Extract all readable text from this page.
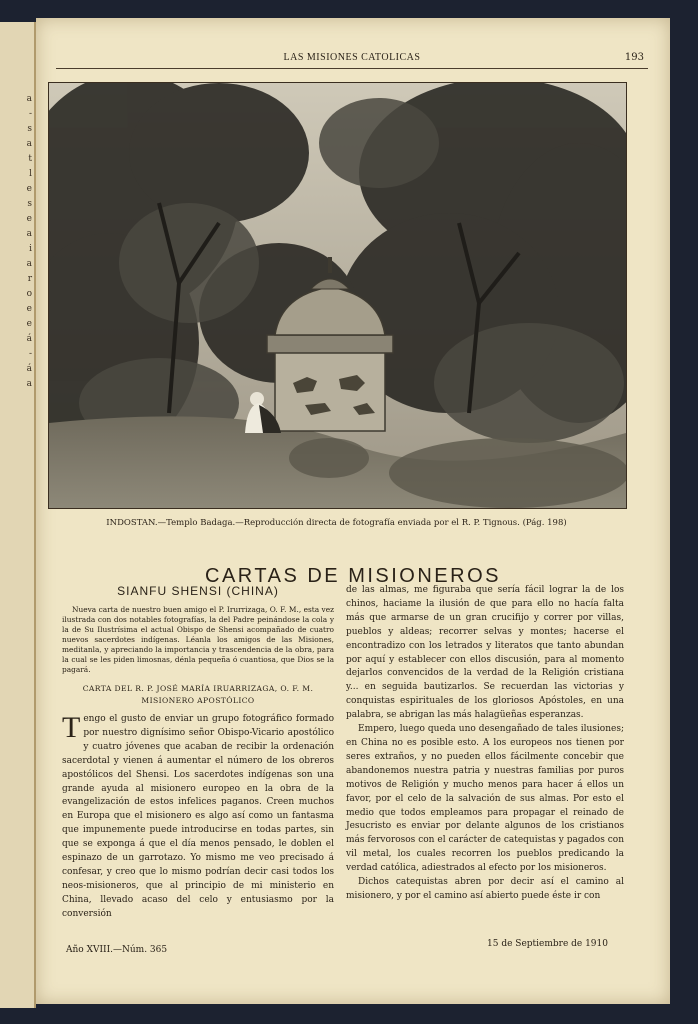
a
-
s
a
t
l
e
s
e
a
i
a
r
o
e
e
á
-
á
a
LAS MISIONES CATOLICAS	193
INDOSTAN.—Templo Badaga.—Reproducción directa de fotografía enviada por el R. P. Tignous. (Pág. 198)
CARTAS DE MISIONEROS
SIANFU SHENSI (CHINA)

Nueva carta de nuestro buen amigo el P. Irurrizaga, O. F. M., esta vez ilustrada con dos notables fotografías, la del Padre peinándose la cola y la de Su Ilustrísima el actual Obispo de Shensi acompañado de cuatro nuevos sacerdotes indígenas. Léanla los amigos de las Misiones, meditanla, y apreciando la importancia y trascendencia de la obra, para la cual se les piden limosnas, dénla pequeña ó cuantiosa, que Dios se la pagará.

CARTA DEL R. P. JOSÉ MARÍA IRUARRIZAGA, O. F. M. MISIONERO APOSTÓLICO

Tengo el gusto de enviar un grupo fotográfico formado por nuestro dignísimo señor Obispo-Vicario apostólico y cuatro jóvenes que acaban de recibir la ordenación sacerdotal y vienen á aumentar el número de los obreros apostólicos del Shensi. Los sacerdotes indígenas son una grande ayuda al misionero europeo en la obra de la evangelización de estos infelices paganos. Creen muchos en Europa que el misionero es algo así como un fantasma que impunemente puede introducirse en todas partes, sin que se exponga á que el día menos pensado, le doblen el espinazo de un garrotazo. Yo mismo me veo precisado á confesar, y creo que lo mismo podrían decir casi todos los neos-misioneros, que al principio de mi ministerio en China, llevado acaso del celo y entusiasmo por la conversión

de las almas, me figuraba que sería fácil lograr la de los chinos, haciame la ilusión de que para ello no hacía falta más que armarse de un gran crucifijo y correr por villas, pueblos y aldeas; recorrer selvas y montes; hacerse el encontradizo con los letrados y literatos que tanto abundan por aquí y establecer con ellos discusión, para al momento dejarlos convencidos de la verdad de la Religión cristiana y... en seguida bautizarlos. Se recuerdan las victorias y conquistas espirituales de los gloriosos Apóstoles, en una palabra, se abrigan las más halagüeñas esperanzas.

Empero, luego queda uno desengañado de tales ilusiones; en China no es posible esto. A los europeos nos tienen por seres extraños, y no pueden ellos fácilmente concebir que abandonemos nuestra patria y nuestras familias por puros motivos de Religión y mucho menos para hacer á ellos un favor, por el celo de la salvación de sus almas. Por esto el medio que todos empleamos para propagar el reinado de Jesucristo es enviar por delante algunos de los cristianos más fervorosos con el carácter de catequistas y pagados con vil metal, los cuales recorren los pueblos predicando la verdad católica, adiestrados al efecto por los misioneros.

Dichos catequistas abren por decir así el camino al misionero, y por el camino así abierto puede éste ir con

Año XVIII.—Núm. 365
15 de Septiembre de 1910
